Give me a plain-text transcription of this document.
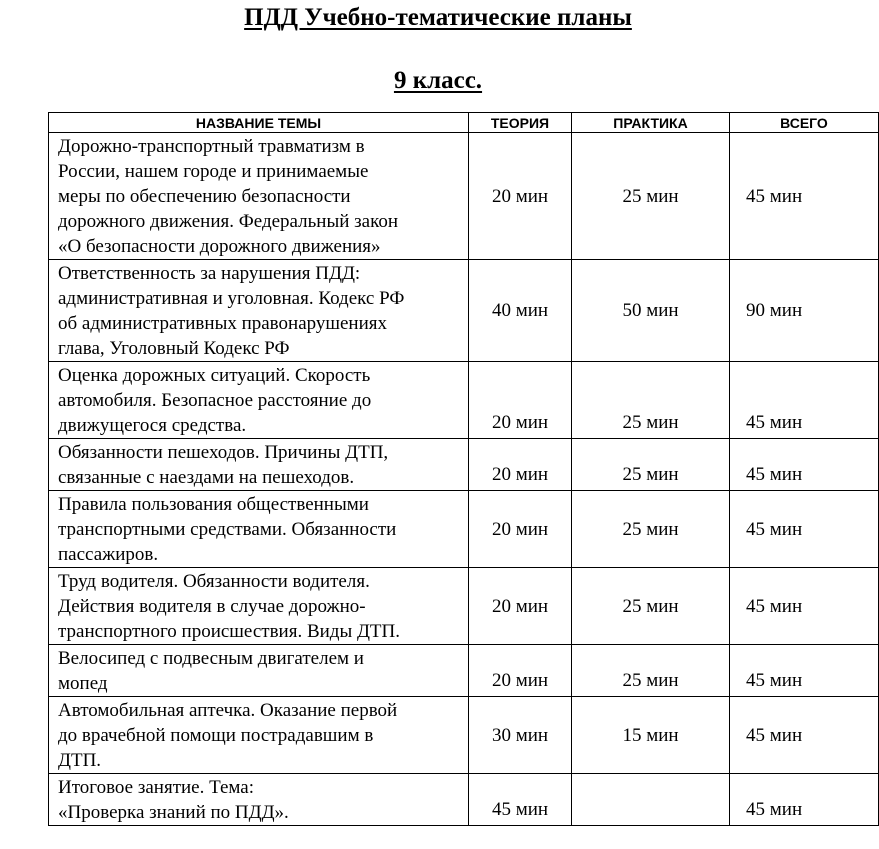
ПДД Учебно-тематические планы
9 класс.
НАЗВАНИЕ ТЕМЫ	ТЕОРИЯ	ПРАКТИКА	ВСЕГО

Дорожно-транспортный травматизм в
России, нашем городе и принимаемые
меры по обеспечению безопасности
дорожного движения. Федеральный закон
«О безопасности дорожного движения»	20 мин	25 мин	45 мин

Ответственность за нарушения ПДД:
административная и уголовная. Кодекс РФ
об административных правонарушениях
глава, Уголовный Кодекс РФ	40 мин	50 мин	90 мин

Оценка дорожных ситуаций. Скорость
автомобиля. Безопасное расстояние до
движущегося средства.	20 мин	25 мин	45 мин

Обязанности пешеходов. Причины ДТП,
связанные с наездами на пешеходов.	20 мин	25 мин	45 мин

Правила пользования общественными
транспортными средствами. Обязанности
пассажиров.	20 мин	25 мин	45 мин

Труд водителя. Обязанности водителя.
Действия водителя в случае дорожно-
транспортного происшествия. Виды ДТП.	20 мин	25 мин	45 мин

Велосипед с подвесным двигателем и
мопед	20 мин	25 мин	45 мин

Автомобильная аптечка. Оказание первой
до врачебной помощи пострадавшим в
ДТП.	30 мин	15 мин	45 мин

Итоговое занятие. Тема:
«Проверка знаний по ПДД».	45 мин		45 мин
